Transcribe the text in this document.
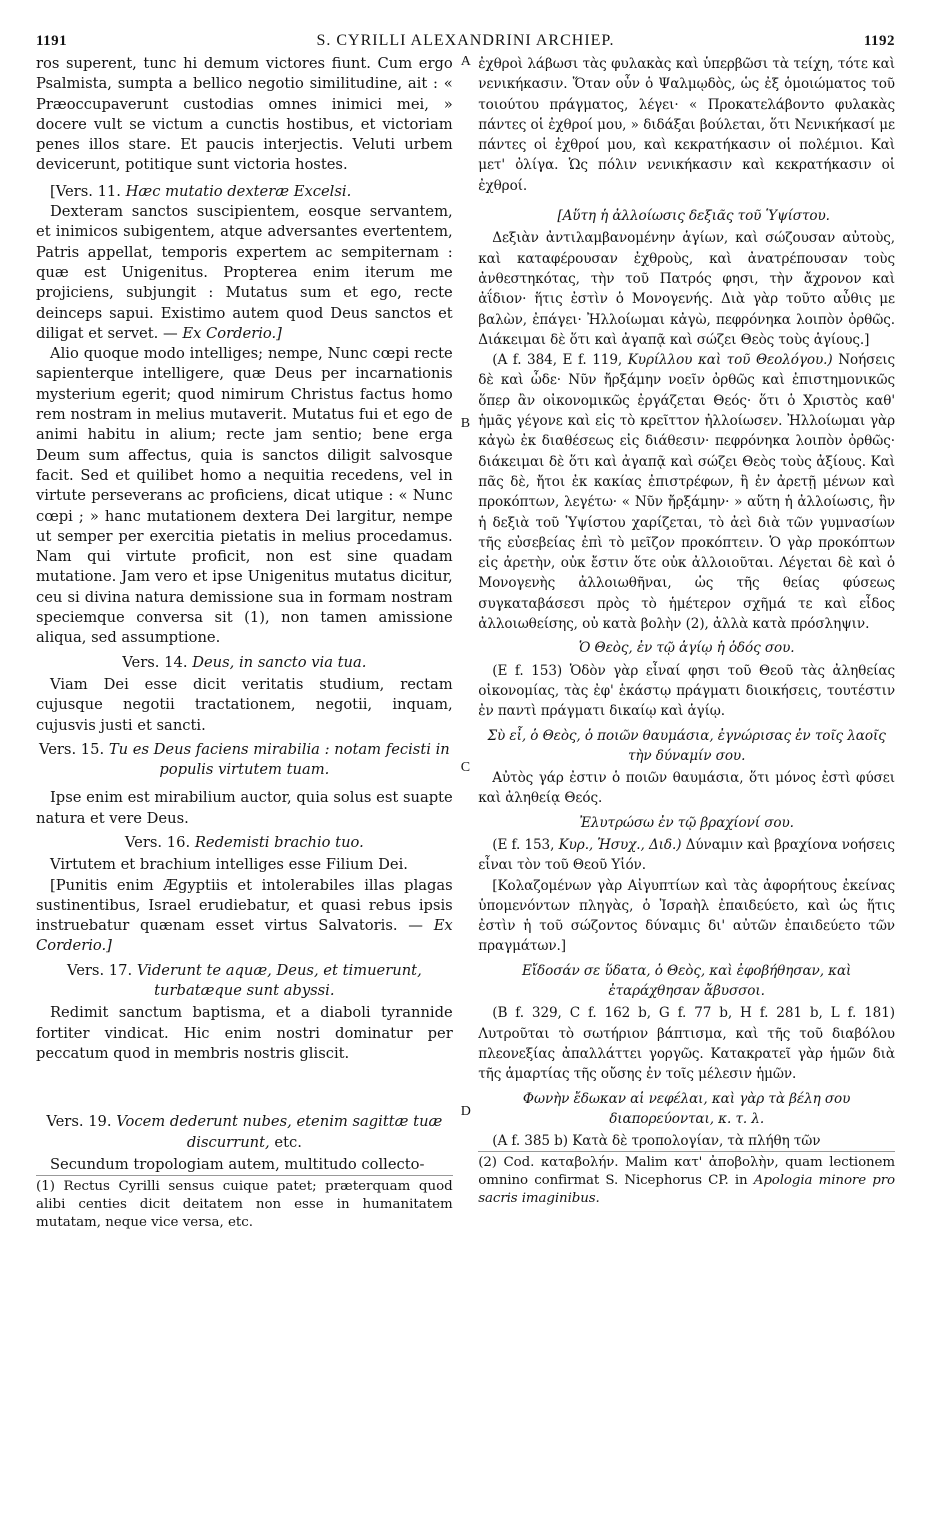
1191	S. CYRILLI ALEXANDRINI ARCHIEP.	1192

ros superent, tunc hi demum victores fiunt. Cum ergo Psalmista, sumpta a bellico negotio similitudine, ait : « Præoccupaverunt custodias omnes inimici mei, » docere vult se victum a cunctis hostibus, et victoriam penes illos stare. Et paucis interjectis. Veluti urbem devicerunt, potitique sunt victoria hostes.

[Vers. 11. Hæc mutatio dexteræ Excelsi.

Dexteram sanctos suscipientem, eosque servantem, et inimicos subigentem, atque adversantes evertentem, Patris appellat, temporis expertem ac sempiternam : quæ est Unigenitus. Propterea enim iterum me projiciens, subjungit : Mutatus sum et ego, recte deinceps sapui. Existimo autem quod Deus sanctos et diligat et servet. — Ex Corderio.]

Alio quoque modo intelliges; nempe, Nunc cœpi recte sapienterque intelligere, quæ Deus per incarnationis mysterium egerit; quod nimirum Christus factus homo rem nostram in melius mutaverit. Mutatus fui et ego de animi habitu in alium; recte jam sentio; bene erga Deum sum affectus, quia is sanctos diligit salvosque facit. Sed et quilibet homo a nequitia recedens, vel in virtute perseverans ac proficiens, dicat utique : « Nunc cœpi ; » hanc mutationem dextera Dei largitur, nempe ut semper per exercitia pietatis in melius procedamus. Nam qui virtute proficit, non est sine quadam mutatione. Jam vero et ipse Unigenitus mutatus dicitur, ceu si divina natura demissione sua in formam nostram speciemque conversa sit (1), non tamen amissione aliqua, sed assumptione.

Vers. 14. Deus, in sancto via tua.

Viam Dei esse dicit veritatis studium, rectam cujusque negotii tractationem, negotii, inquam, cujusvis justi et sancti.

Vers. 15. Tu es Deus faciens mirabilia : notam fecisti in populis virtutem tuam.

Ipse enim est mirabilium auctor, quia solus est suapte natura et vere Deus.

Vers. 16. Redemisti brachio tuo.

Virtutem et brachium intelliges esse Filium Dei.

[Punitis enim Ægyptiis et intolerabiles illas plagas sustinentibus, Israel erudiebatur, et quasi rebus ipsis instruebatur quænam esset virtus Salvatoris. — Ex Corderio.]

Vers. 17. Viderunt te aquæ, Deus, et timuerunt, turbatæque sunt abyssi.

Redimit sanctum baptisma, et a diaboli tyrannide fortiter vindicat. Hic enim nostri dominatur per peccatum quod in membris nostris gliscit.

Vers. 19. Vocem dederunt nubes, etenim sagittæ tuæ discurrunt, etc.

Secundum tropologiam autem, multitudo collecto-

(1) Rectus Cyrilli sensus cuique patet; præterquam quod alibi centies dicit deitatem non esse in humanitatem mutatam, neque vice versa, etc.

A
B
C
D

ἐχθροὶ λάβωσι τὰς φυλακὰς καὶ ὑπερβῶσι τὰ τείχη, τότε καὶ νενικήκασιν. Ὅταν οὖν ὁ Ψαλμῳδὸς, ὡς ἐξ ὁμοιώματος τοῦ τοιούτου πράγματος, λέγει· « Προκατελάβοντο φυλακὰς πάντες οἱ ἐχθροί μου, » διδάξαι βούλεται, ὅτι Νενικήκασί με πάντες οἱ ἐχθροί μου, καὶ κεκρατήκασιν οἱ πολέμιοι. Καὶ μετ' ὀλίγα. Ὡς πόλιν νενικήκασιν καὶ κεκρατήκασιν οἱ ἐχθροί.

[Αὕτη ἡ ἀλλοίωσις δεξιᾶς τοῦ Ὑψίστου.

Δεξιὰν ἀντιλαμβανομένην ἁγίων, καὶ σώζουσαν αὐτοὺς, καὶ καταφέρουσαν ἐχθροὺς, καὶ ἀνατρέπουσαν τοὺς ἀνθεστηκότας, τὴν τοῦ Πατρός φησι, τὴν ἄχρονον καὶ ἀΐδιον· ἥτις ἐστὶν ὁ Μονογενής. Διὰ γὰρ τοῦτο αὖθις με βαλὼν, ἐπάγει· Ἠλλοίωμαι κἀγὼ, πεφρόνηκα λοιπὸν ὀρθῶς. Διάκειμαι δὲ ὅτι καὶ ἀγαπᾷ καὶ σώζει Θεὸς τοὺς ἁγίους.]

(A f. 384, E f. 119, Κυρίλλου καὶ τοῦ Θεολόγου.) Νοήσεις δὲ καὶ ὧδε· Νῦν ἤρξάμην νοεῖν ὀρθῶς καὶ ἐπιστημονικῶς ὅπερ ἂν οἰκονομικῶς ἐργάζεται Θεός· ὅτι ὁ Χριστὸς καθ' ἡμᾶς γέγονε καὶ εἰς τὸ κρεῖττον ἠλλοίωσεν. Ἠλλοίωμαι γὰρ κἀγὼ ἐκ διαθέσεως εἰς διάθεσιν· πεφρόνηκα λοιπὸν ὀρθῶς· διάκειμαι δὲ ὅτι καὶ ἀγαπᾷ καὶ σώζει Θεὸς τοὺς ἀξίους. Καὶ πᾶς δὲ, ἤτοι ἐκ κακίας ἐπιστρέφων, ἢ ἐν ἀρετῇ μένων καὶ προκόπτων, λεγέτω· « Νῦν ἤρξάμην· » αὕτη ἡ ἀλλοίωσις, ἣν ἡ δεξιὰ τοῦ Ὑψίστου χαρίζεται, τὸ ἀεὶ διὰ τῶν γυμνασίων τῆς εὐσεβείας ἐπὶ τὸ μεῖζον προκόπτειν. Ὁ γὰρ προκόπτων εἰς ἀρετὴν, οὐκ ἔστιν ὅτε οὐκ ἀλλοιοῦται. Λέγεται δὲ καὶ ὁ Μονογενὴς ἀλλοιωθῆναι, ὡς τῆς θείας φύσεως συγκαταβάσεσι πρὸς τὸ ἡμέτερον σχῆμά τε καὶ εἶδος ἀλλοιωθείσης, οὐ κατὰ βολὴν (2), ἀλλὰ κατὰ πρόσληψιν.

Ὁ Θεὸς, ἐν τῷ ἁγίῳ ἡ ὁδός σου.

(E f. 153) Ὁδὸν γὰρ εἶναί φησι τοῦ Θεοῦ τὰς ἀληθείας οἰκονομίας, τὰς ἐφ' ἑκάστῳ πράγματι διοικήσεις, τουτέστιν ἐν παντὶ πράγματι δικαίῳ καὶ ἁγίῳ.

Σὺ εἶ, ὁ Θεὸς, ὁ ποιῶν θαυμάσια, ἐγνώρισας ἐν τοῖς λαοῖς τὴν δύναμίν σου.

Αὐτὸς γάρ ἐστιν ὁ ποιῶν θαυμάσια, ὅτι μόνος ἐστὶ φύσει καὶ ἀληθείᾳ Θεός.

Ἐλυτρώσω ἐν τῷ βραχίονί σου.

(E f. 153, Κυρ., Ἡσυχ., Διδ.) Δύναμιν καὶ βραχίονα νοήσεις εἶναι τὸν τοῦ Θεοῦ Υἱόν.

[Κολαζομένων γὰρ Αἰγυπτίων καὶ τὰς ἀφορήτους ἐκείνας ὑπομενόντων πληγὰς, ὁ Ἰσραὴλ ἐπαιδεύετο, καὶ ὡς ἥτις ἐστὶν ἡ τοῦ σώζοντος δύναμις δι' αὐτῶν ἐπαιδεύετο τῶν πραγμάτων.]

Εἴδοσάν σε ὕδατα, ὁ Θεὸς, καὶ ἐφοβήθησαν, καὶ ἐταράχθησαν ἄβυσσοι.

(B f. 329, C f. 162 b, G f. 77 b, H f. 281 b, L f. 181) Λυτροῦται τὸ σωτήριον βάπτισμα, καὶ τῆς τοῦ διαβόλου πλεονεξίας ἀπαλλάττει γοργῶς. Κατακρατεῖ γὰρ ἡμῶν διὰ τῆς ἁμαρτίας τῆς οὔσης ἐν τοῖς μέλεσιν ἡμῶν.

Φωνὴν ἔδωκαν αἱ νεφέλαι, καὶ γὰρ τὰ βέλη σου διαπορεύονται, κ. τ. λ.

(A f. 385 b) Κατὰ δὲ τροπολογίαν, τὰ πλήθη τῶν

(2) Cod. καταβολήν. Malim κατ' ἀποβολὴν, quam lectionem omnino confirmat S. Nicephorus CP. in Apologia minore pro sacris imaginibus.
